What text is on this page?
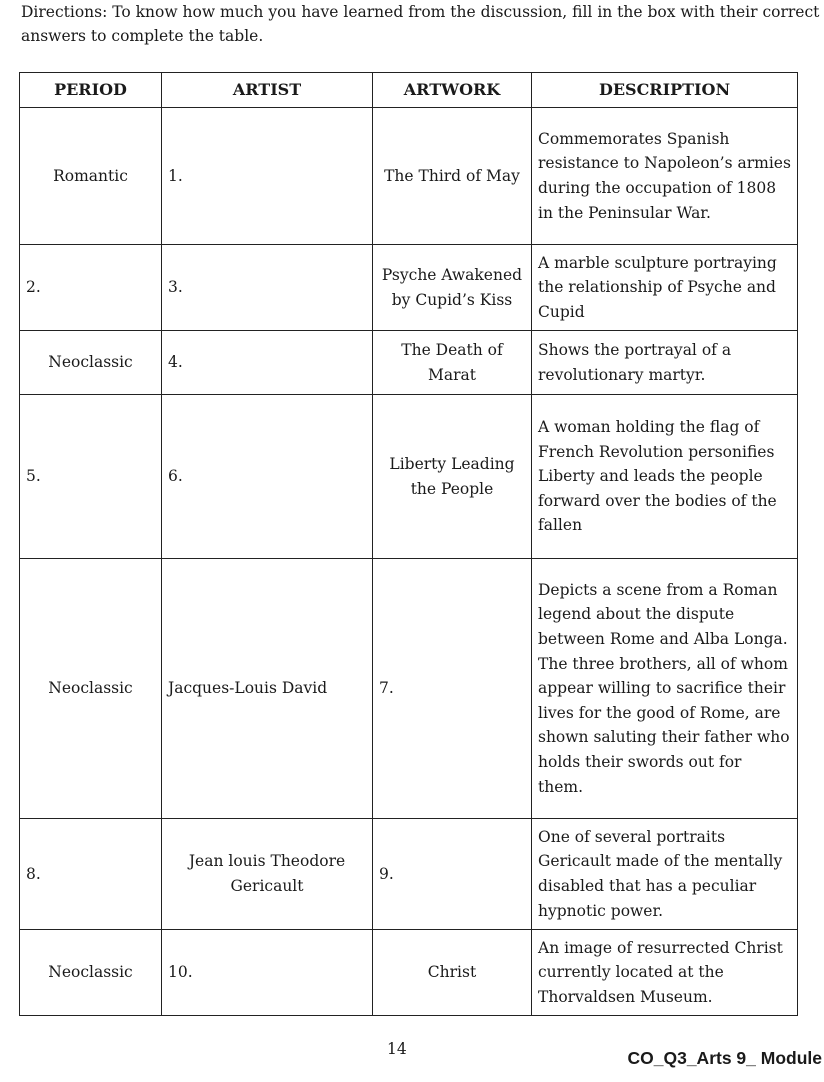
Directions: To know how much you have learned from the discussion, fill in the box with their correct answers to complete the table.

PERIOD	ARTIST	ARTWORK	DESCRIPTION
Romantic	1.	The Third of May	Commemorates Spanish resistance to Napoleon’s armies during the occupation of 1808 in the Peninsular War.
2.	3.	Psyche Awakened by Cupid’s Kiss	A marble sculpture portraying the relationship of Psyche and Cupid
Neoclassic	4.	The Death of Marat	Shows the portrayal of a revolutionary martyr.
5.	6.	Liberty Leading the People	A woman holding the flag of French Revolution personifies Liberty and leads the people forward over the bodies of the fallen
Neoclassic	Jacques-Louis David	7.	Depicts a scene from a Roman legend about the dispute between Rome and Alba Longa. The three brothers, all of whom appear willing to sacrifice their lives for the good of Rome, are shown saluting their father who holds their swords out for them.
8.	Jean louis Theodore Gericault	9.	One of several portraits Gericault made of the mentally disabled that has a peculiar hypnotic power.
Neoclassic	10.	Christ	An image of resurrected Christ currently located at the Thorvaldsen Museum.
14	CO_Q3_Arts 9_ Module
